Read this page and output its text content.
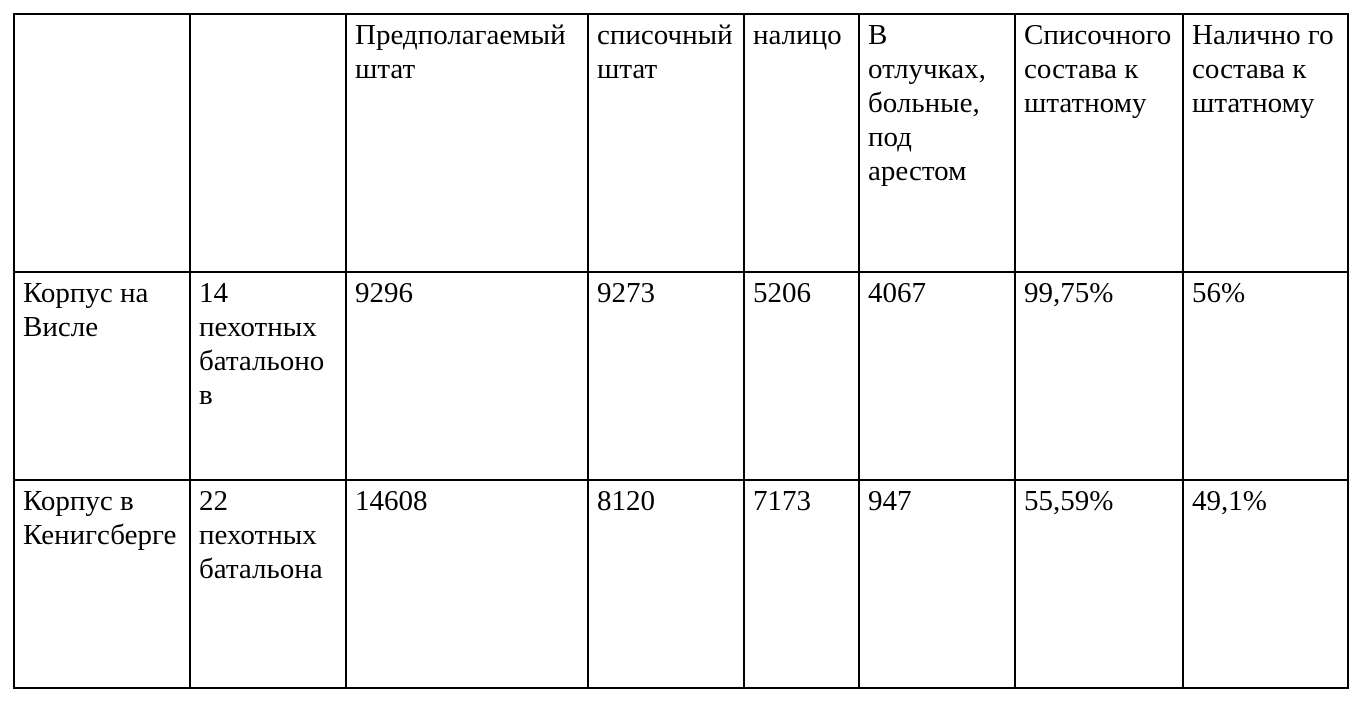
		Предполагаемый штат	списочный штат	налицо	В отлучках, больные, под арестом	Списочного состава к штатному	Налично го состава к штатному

Корпус на Висле	14 пехотных батальонов	9296	9273	5206	4067	99,75%	56%

Корпус в Кенигсберге	22 пехотных батальона	14608	8120	7173	947	55,59%	49,1%
